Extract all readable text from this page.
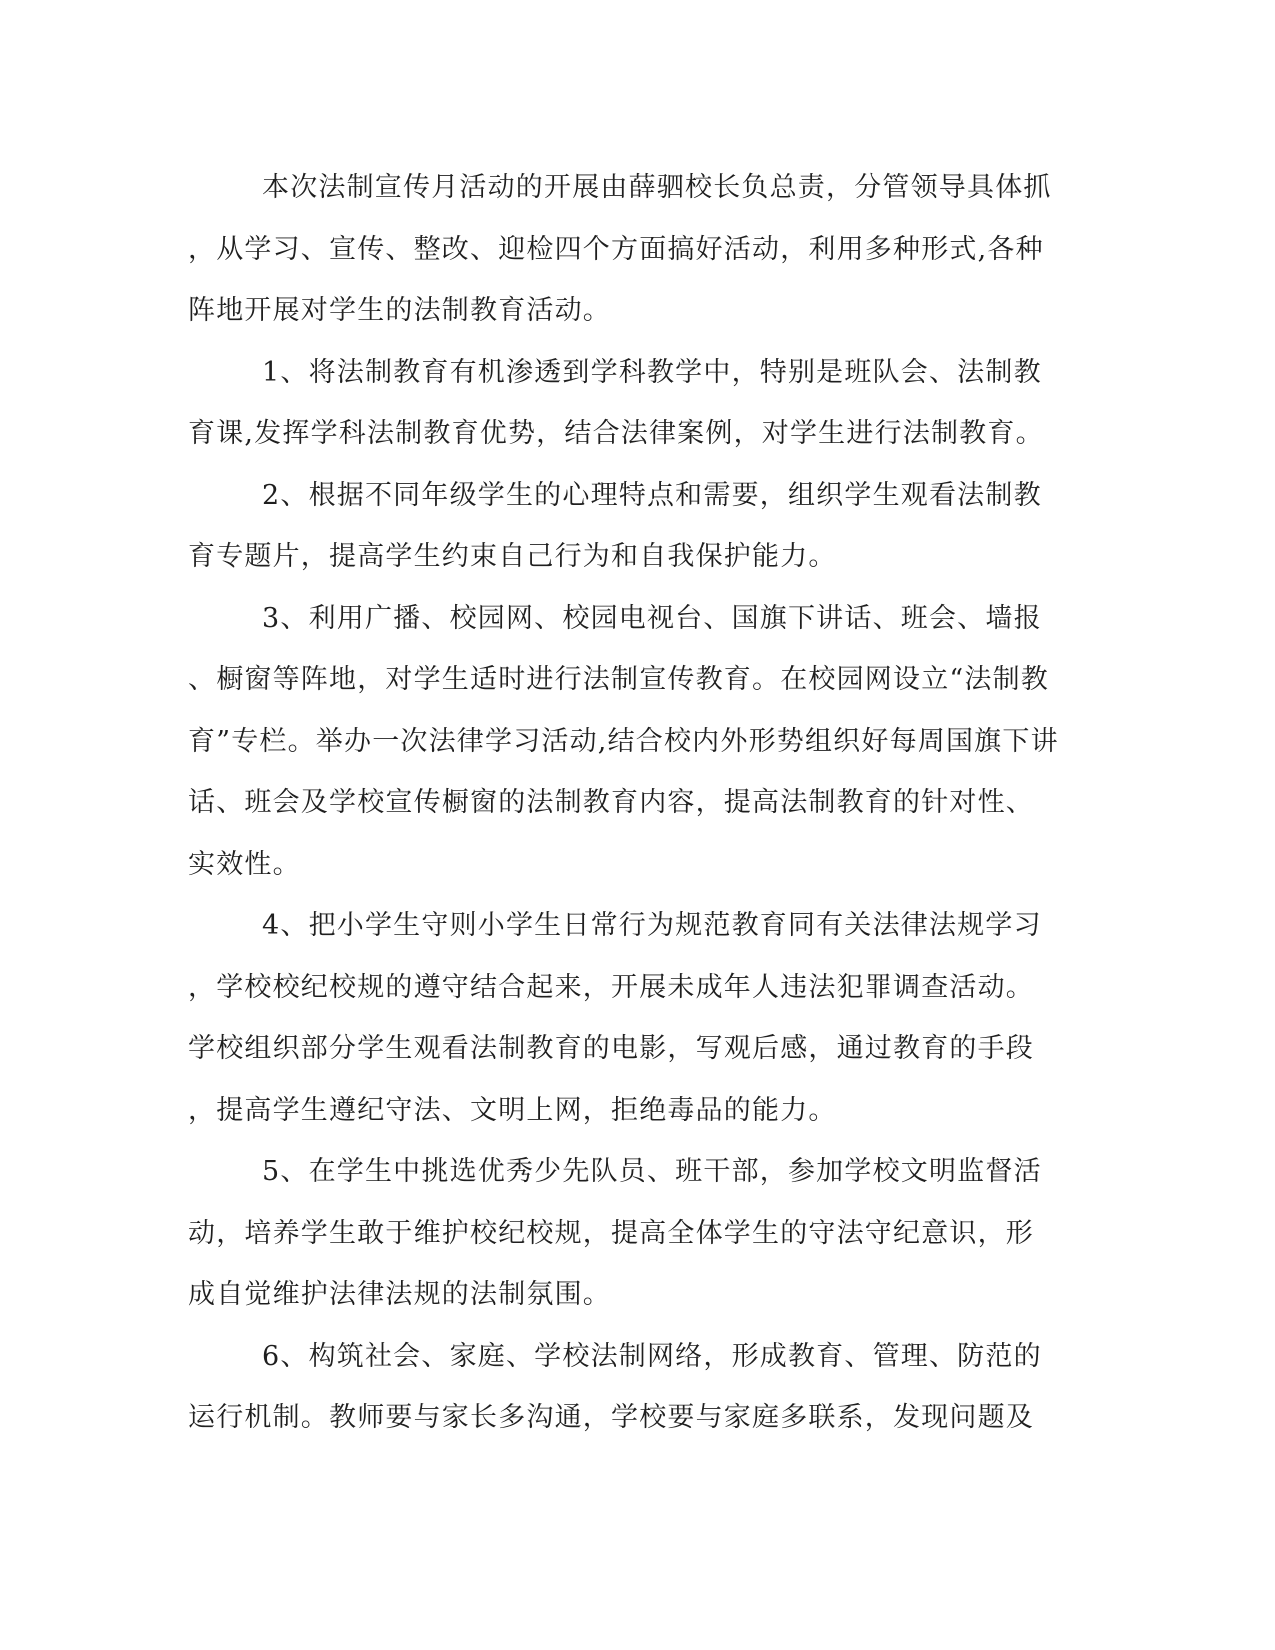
本次法制宣传月活动的开展由薛驷校长负总责，分管领导具体抓
，从学习、宣传、整改、迎检四个方面搞好活动，利用多种形式,各种
阵地开展对学生的法制教育活动。
1、将法制教育有机渗透到学科教学中，特别是班队会、法制教
育课,发挥学科法制教育优势，结合法律案例，对学生进行法制教育。
2、根据不同年级学生的心理特点和需要，组织学生观看法制教
育专题片，提高学生约束自己行为和自我保护能力。
3、利用广播、校园网、校园电视台、国旗下讲话、班会、墙报
、橱窗等阵地，对学生适时进行法制宣传教育。在校园网设立“法制教
育”专栏。举办一次法律学习活动,结合校内外形势组织好每周国旗下讲
话、班会及学校宣传橱窗的法制教育内容，提高法制教育的针对性、
实效性。
4、把小学生守则小学生日常行为规范教育同有关法律法规学习
，学校校纪校规的遵守结合起来，开展未成年人违法犯罪调查活动。
学校组织部分学生观看法制教育的电影，写观后感，通过教育的手段
，提高学生遵纪守法、文明上网，拒绝毒品的能力。
5、在学生中挑选优秀少先队员、班干部，参加学校文明监督活
动，培养学生敢于维护校纪校规，提高全体学生的守法守纪意识，形
成自觉维护法律法规的法制氛围。
6、构筑社会、家庭、学校法制网络，形成教育、管理、防范的
运行机制。教师要与家长多沟通，学校要与家庭多联系，发现问题及
